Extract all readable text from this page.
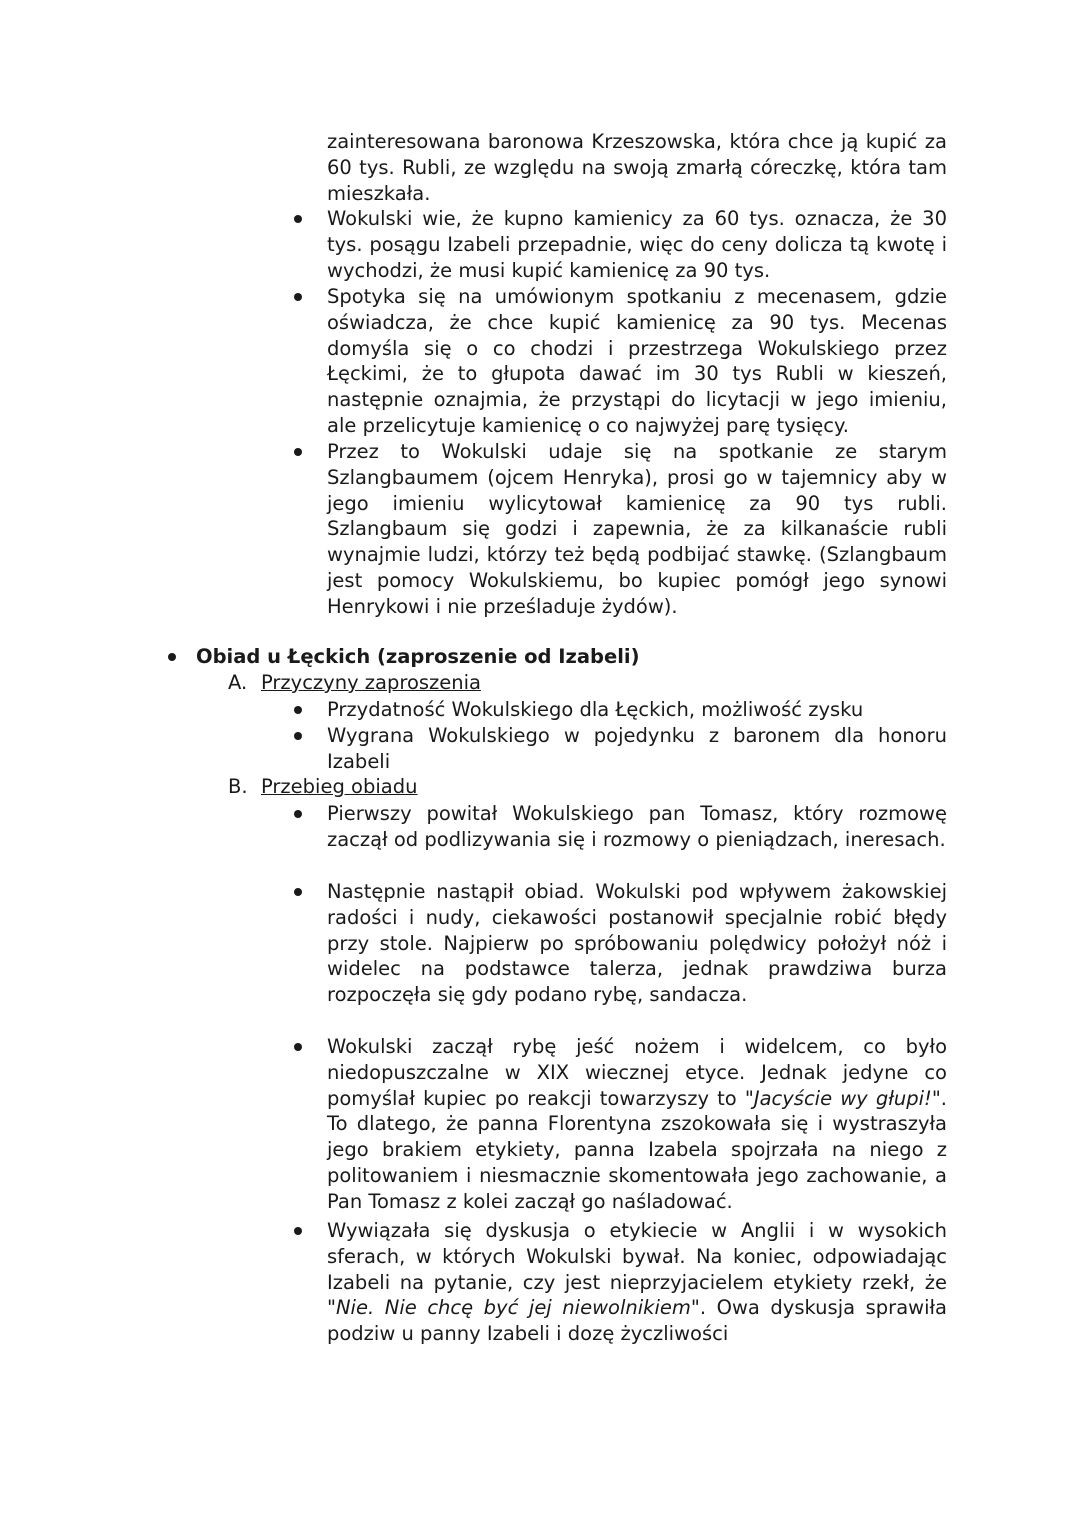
zainteresowana baronowa Krzeszowska, która chce ją kupić za 60 tys. Rubli, ze względu na swoją zmarłą córeczkę, która tam mieszkała.
Wokulski wie, że kupno kamienicy za 60 tys. oznacza, że 30 tys. posągu Izabeli przepadnie, więc do ceny dolicza tą kwotę i wychodzi, że musi kupić kamienicę za 90 tys.
Spotyka się na umówionym spotkaniu z mecenasem, gdzie oświadcza, że chce kupić kamienicę za 90 tys. Mecenas domyśla się o co chodzi i przestrzega Wokulskiego przez Łęckimi, że to głupota dawać im 30 tys Rubli w kieszeń, następnie oznajmia, że przystąpi do licytacji w jego imieniu, ale przelicytuje kamienicę o co najwyżej parę tysięcy.
Przez to Wokulski udaje się na spotkanie ze starym Szlangbaumem (ojcem Henryka), prosi go w tajemnicy aby w jego imieniu wylicytował kamienicę za 90 tys rubli. Szlangbaum się godzi i zapewnia, że za kilkanaście rubli wynajmie ludzi, którzy też będą podbijać stawkę. (Szlangbaum jest pomocy Wokulskiemu, bo kupiec pomógł jego synowi Henrykowi i nie prześladuje żydów).
Obiad u Łęckich (zaproszenie od Izabeli)
A. Przyczyny zaproszenia
Przydatność Wokulskiego dla Łęckich, możliwość zysku
Wygrana Wokulskiego w pojedynku z baronem dla honoru Izabeli
B. Przebieg obiadu
Pierwszy powitał Wokulskiego pan Tomasz, który rozmowę zaczął od podlizywania się i rozmowy o pieniądzach, ineresach.
Następnie nastąpił obiad. Wokulski pod wpływem żakowskiej radości i nudy, ciekawości postanowił specjalnie robić błędy przy stole. Najpierw po spróbowaniu polędwicy położył nóż i widelec na podstawce talerza, jednak prawdziwa burza rozpoczęła się gdy podano rybę, sandacza.
Wokulski zaczął rybę jeść nożem i widelcem, co było niedopuszczalne w XIX wiecznej etyce. Jednak jedyne co pomyślał kupiec po reakcji towarzyszy to "Jacyście wy głupi!". To dlatego, że panna Florentyna zszokowała się i wystraszyła jego brakiem etykiety, panna Izabela spojrzała na niego z politowaniem i niesmacznie skomentowała jego zachowanie, a Pan Tomasz z kolei zaczął go naśladować.
Wywiązała się dyskusja o etykiecie w Anglii i w wysokich sferach, w których Wokulski bywał. Na koniec, odpowiadając Izabeli na pytanie, czy jest nieprzyjacielem etykiety rzekł, że "Nie. Nie chcę być jej niewolnikiem". Owa dyskusja sprawiła podziw u panny Izabeli i dozę życzliwości
